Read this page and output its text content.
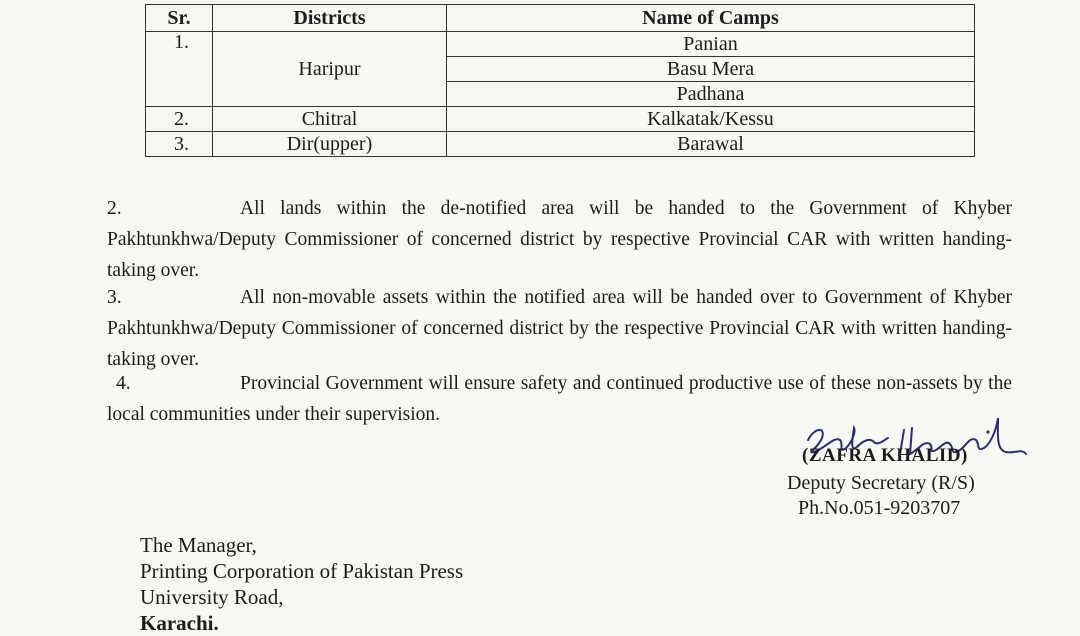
Sr.	Districts	Name of Camps
1.	Haripur	Panian
		Basu Mera
		Padhana
2.	Chitral	Kalkatak/Kessu
3.	Dir(upper)	Barawal
2.	All lands within the de-notified area will be handed to the Government of Khyber Pakhtunkhwa/Deputy Commissioner of concerned district by respective Provincial CAR with written handing-taking over.
3.	All non-movable assets within the notified area will be handed over to Government of Khyber Pakhtunkhwa/Deputy Commissioner of concerned district by the respective Provincial CAR with written handing-taking over.
4.	Provincial Government will ensure safety and continued productive use of these non-assets by the local communities under their supervision.
(ZAFRA KHALID)
Deputy Secretary (R/S)
Ph.No.051-9203707
The Manager,
Printing Corporation of Pakistan Press
University Road,
Karachi.
